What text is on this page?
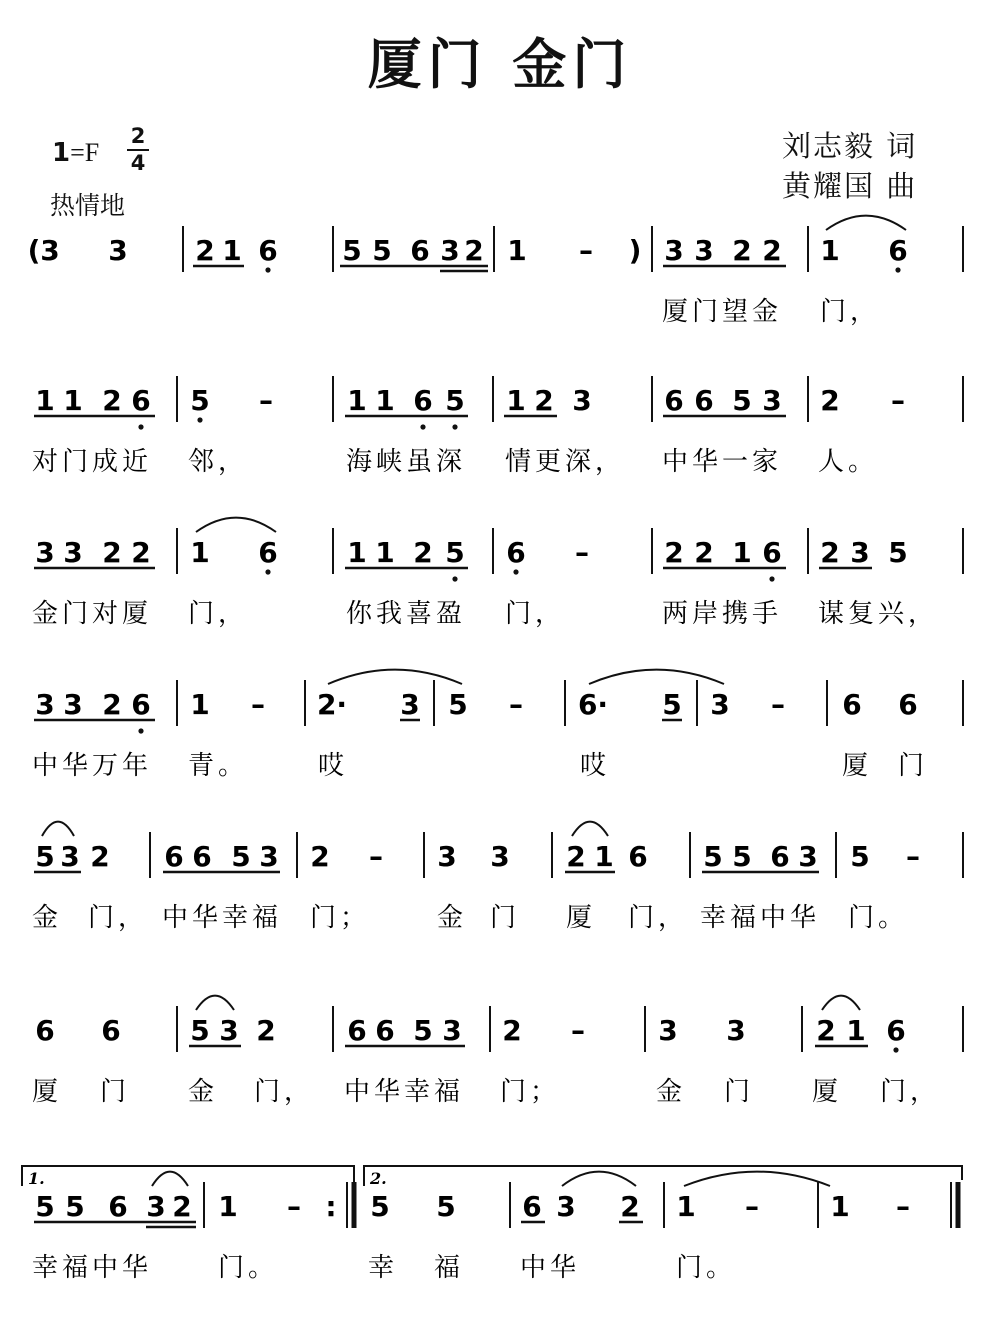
厦门 金门
1=F
2
4
热情地
刘志毅 词
黄耀国 曲
( 3 3 2 1 6 5 5 6 3 2 1 – ) 3 3 2 2 1 6
厦门望金 门，
1 1 2 6 5 –	1 1 6 5 1 2 3	6 6 5 3 2 –
对门成近 邻，	海峡虽深 情更深， 中华一家 人。
3 3 2 2 1 6 1 1 2 5 6 –	2 2 1 6 2 3 5
金门对厦 门，	你我喜盈 门，	两岸携手 谋复兴，
3 3 2 6 1 – 2· 3 5 – 6· 5 3 – 6 6
中华万年 青。	哎	哎	厦 门
5 3 2 6 6 5 3 2 – 3 3 2 1 6 5 5 6 3 5 –
金 门， 中华幸福 门；	金 门 厦 门， 幸福中华 门。
6 6 5 3 2	6 6 5 3 2 –	3 3	2 1 6
厦 门 金 门， 中华幸福 门；	金 门 厦 门，
5 5 6 3 2 1 – : 5 5 6 3 2 1 –	1 –
幸福中华	门。	幸 福 中华	门。
1.	2.
